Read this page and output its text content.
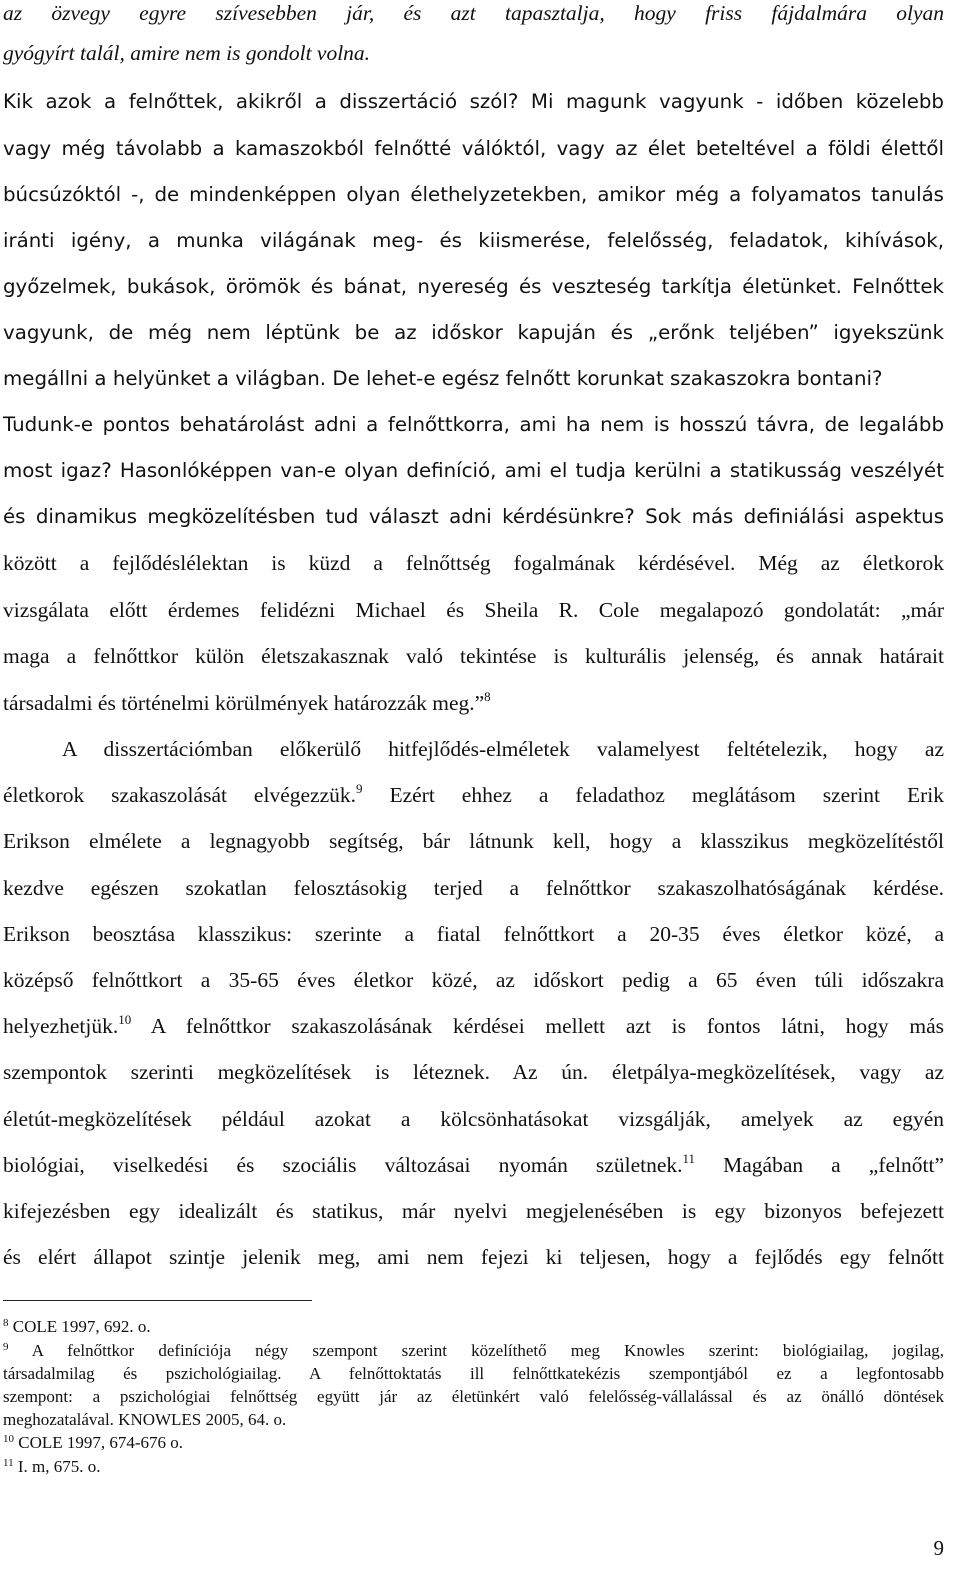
az özvegy egyre szívesebben jár, és azt tapasztalja, hogy friss fájdalmára olyan
gyógyírt talál, amire nem is gondolt volna.
Kik azok a felnőttek, akikről a disszertáció szól? Mi magunk vagyunk - időben közelebb
vagy még távolabb a kamaszokból felnőtté válóktól, vagy az élet beteltével a földi élettől
búcsúzóktól -, de mindenképpen olyan élethelyzetekben, amikor még a folyamatos tanulás
iránti igény, a munka világának meg- és kiismerése, felelősség, feladatok, kihívások,
győzelmek, bukások, örömök és bánat, nyereség és veszteség tarkítja életünket. Felnőttek
vagyunk, de még nem léptünk be az időskor kapuján és „erőnk teljében” igyekszünk
megállni a helyünket a világban. De lehet-e egész felnőtt korunkat szakaszokra bontani?
Tudunk-e pontos behatárolást adni a felnőttkorra, ami ha nem is hosszú távra, de legalább
most igaz? Hasonlóképpen van-e olyan definíció, ami el tudja kerülni a statikusság veszélyét
és dinamikus megközelítésben tud választ adni kérdésünkre? Sok más definiálási aspektus
között a fejlődéslélektan is küzd a felnőttség fogalmának kérdésével. Még az életkorok
vizsgálata előtt érdemes felidézni Michael és Sheila R. Cole megalapozó gondolatát: „már
maga a felnőttkor külön életszakasznak való tekintése is kulturális jelenség, és annak határait
társadalmi és történelmi körülmények határozzák meg.”$^8$
A disszertációmban előkerülő hitfejlődés-elméletek valamelyest feltételezik, hogy az
életkorok szakaszolását elvégezzük.$^9$ Ezért ehhez a feladathoz meglátásom szerint Erik
Erikson elmélete a legnagyobb segítség, bár látnunk kell, hogy a klasszikus megközelítéstől
kezdve egészen szokatlan felosztásokig terjed a felnőttkor szakaszolhatóságának kérdése.
Erikson beosztása klasszikus: szerinte a fiatal felnőttkort a 20-35 éves életkor közé, a
középső felnőttkort a 35-65 éves életkor közé, az időskort pedig a 65 éven túli időszakra
helyezhetjük.$^{10}$ A felnőttkor szakaszolásának kérdései mellett azt is fontos látni, hogy más
szempontok szerinti megközelítések is léteznek. Az ún. életpálya-megközelítések, vagy az
életút-megközelítések például azokat a kölcsönhatásokat vizsgálják, amelyek az egyén
biológiai, viselkedési és szociális változásai nyomán születnek.$^{11}$ Magában a „felnőtt”
kifejezésben egy idealizált és statikus, már nyelvi megjelenésében is egy bizonyos befejezett
és elért állapot szintje jelenik meg, ami nem fejezi ki teljesen, hogy a fejlődés egy felnőtt
$^8$ COLE 1997, 692. o.
$^9$ A felnőttkor definíciója négy szempont szerint közelíthető meg Knowles szerint: biológiailag, jogilag,
társadalmilag és pszichológiailag. A felnőttoktatás ill felnőttkatekézis szempontjából ez a legfontosabb
szempont: a pszichológiai felnőttség együtt jár az életünkért való felelősség-vállalással és az önálló döntések
meghozatalával. KNOWLES 2005, 64. o.
$^{10}$ COLE 1997, 674-676 o.
$^{11}$ I. m, 675. o.
9
